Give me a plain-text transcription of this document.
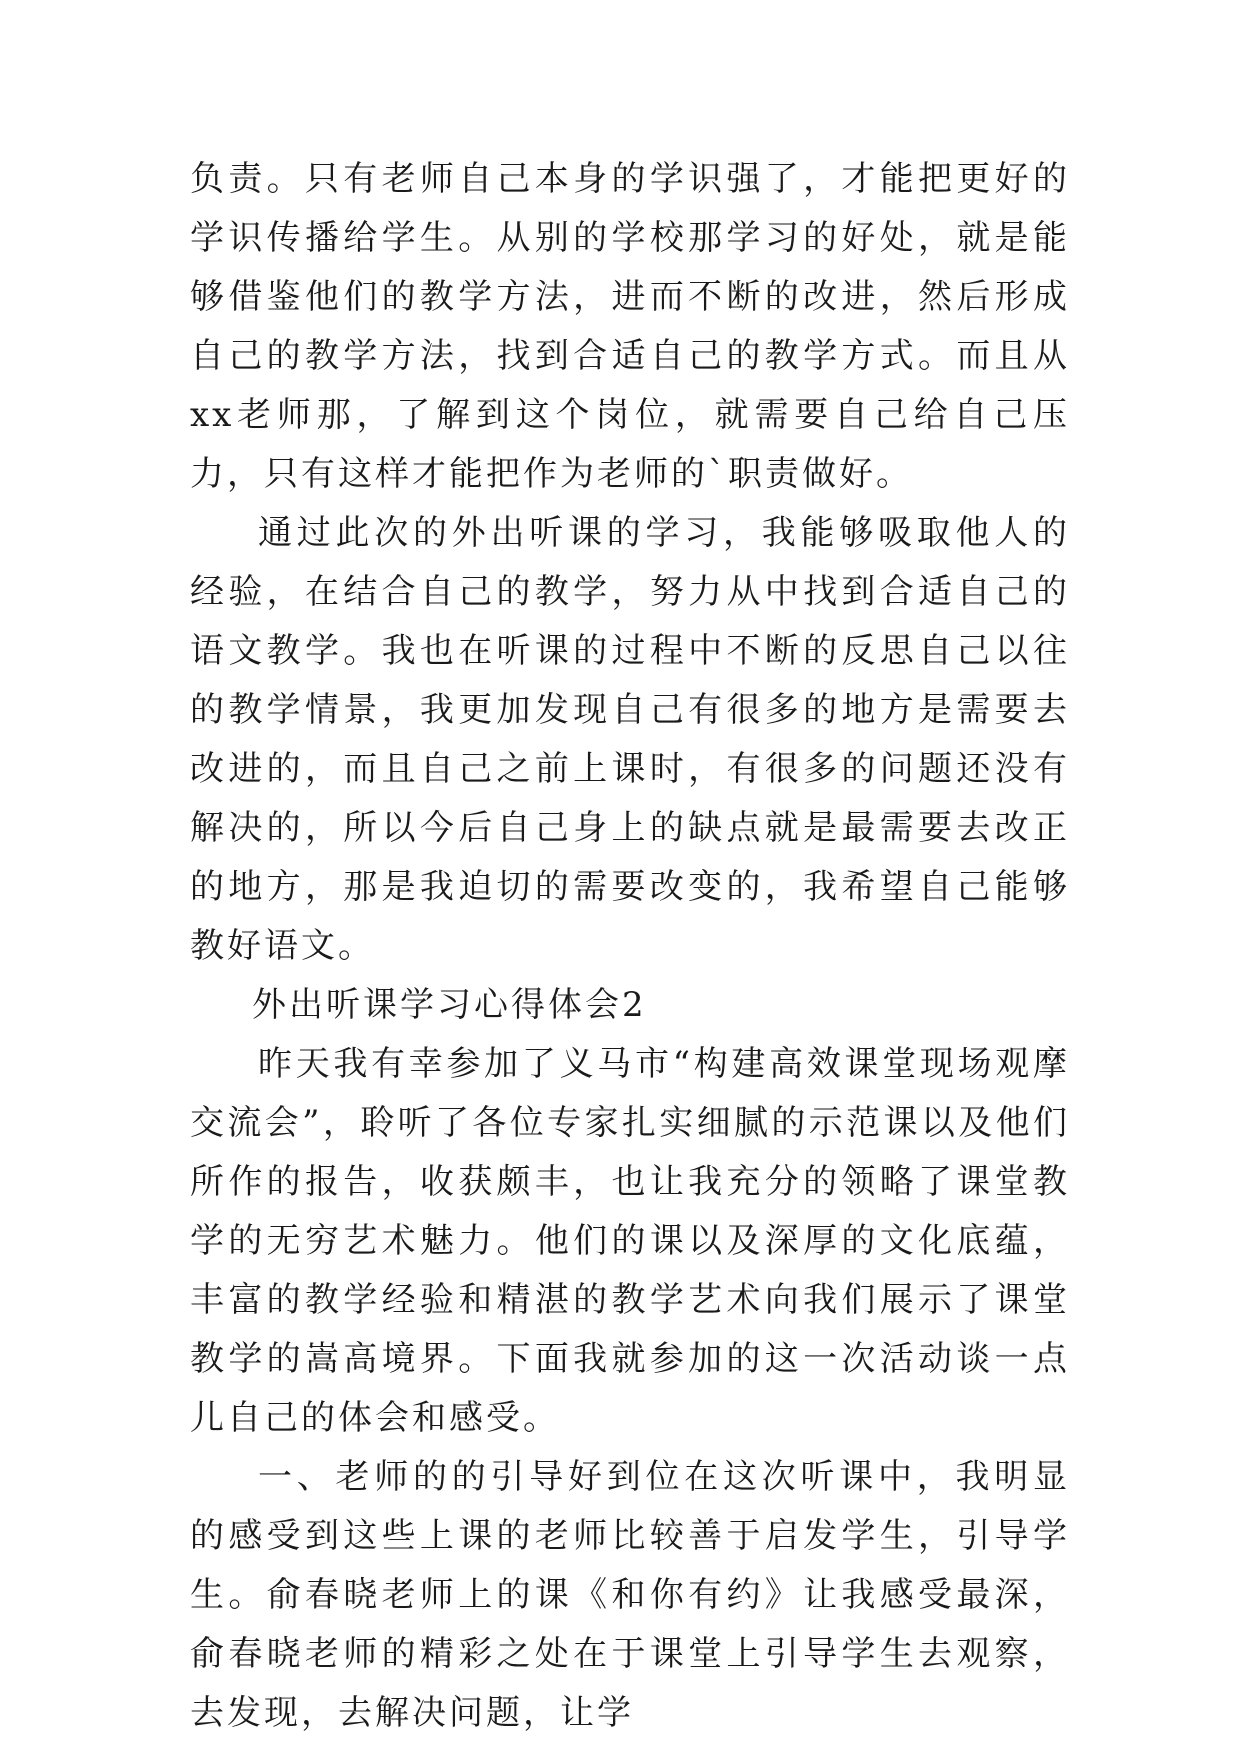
负责。只有老师自己本身的学识强了，才能把更好的学识传播给学生。从别的学校那学习的好处，就是能够借鉴他们的教学方法，进而不断的改进，然后形成自己的教学方法，找到合适自己的教学方式。而且从xx老师那，了解到这个岗位，就需要自己给自己压力，只有这样才能把作为老师的`职责做好。

通过此次的外出听课的学习，我能够吸取他人的经验，在结合自己的教学，努力从中找到合适自己的语文教学。我也在听课的过程中不断的反思自己以往的教学情景，我更加发现自己有很多的地方是需要去改进的，而且自己之前上课时，有很多的问题还没有解决的，所以今后自己身上的缺点就是最需要去改正的地方，那是我迫切的需要改变的，我希望自己能够教好语文。

外出听课学习心得体会2

昨天我有幸参加了义马市“构建高效课堂现场观摩交流会”，聆听了各位专家扎实细腻的示范课以及他们所作的报告，收获颇丰，也让我充分的领略了课堂教学的无穷艺术魅力。他们的课以及深厚的文化底蕴，丰富的教学经验和精湛的教学艺术向我们展示了课堂教学的嵩高境界。下面我就参加的这一次活动谈一点儿自己的体会和感受。

一、老师的的引导好到位在这次听课中，我明显的感受到这些上课的老师比较善于启发学生，引导学生。俞春晓老师上的课《和你有约》让我感受最深，俞春晓老师的精彩之处在于课堂上引导学生去观察，去发现，去解决问题，让学
